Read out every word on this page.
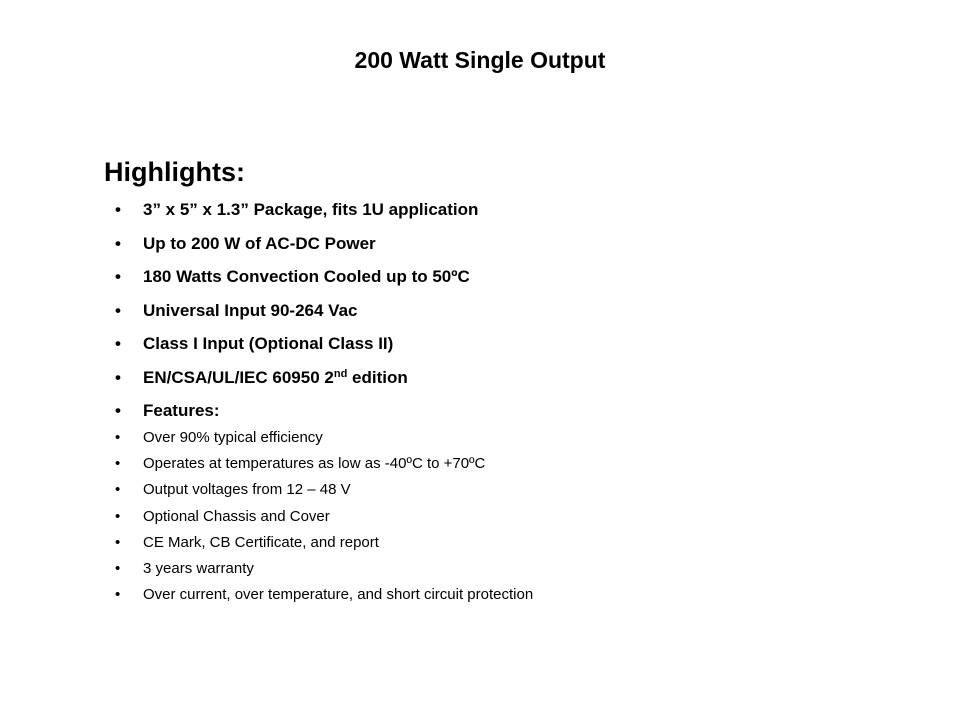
200 Watt Single Output
Highlights:
• 3” x 5” x 1.3” Package, fits 1U application
• Up to 200 W of AC-DC Power
• 180 Watts Convection Cooled up to 50ºC
• Universal Input 90-264 Vac
• Class I Input (Optional Class II)
• EN/CSA/UL/IEC 60950 2nd edition
• Features:
• Over 90% typical efficiency
• Operates at temperatures as low as -40ºC to +70ºC
• Output voltages from 12 – 48 V
• Optional Chassis and Cover
• CE Mark, CB Certificate, and report
• 3 years warranty
• Over current, over temperature, and short circuit protection
